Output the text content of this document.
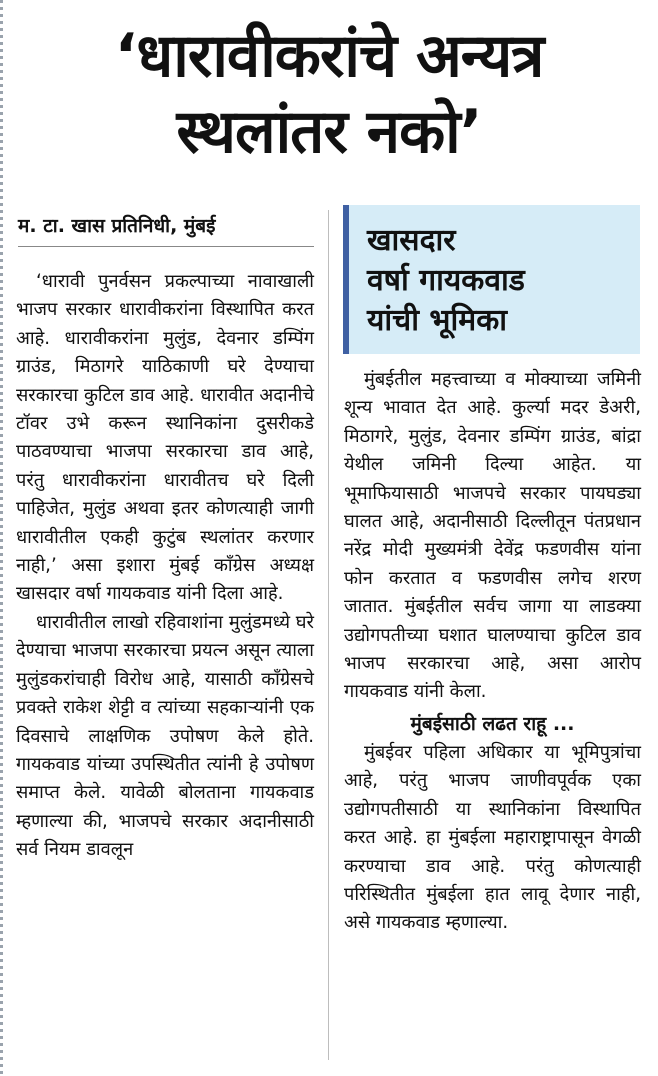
‘धारावीकरांचे अन्यत्र
स्थलांतर नको’
म. टा. खास प्रतिनिधी, मुंबई	खासदार
वर्षा गायकवाड
यांची भूमिका

‘धारावी पुनर्वसन प्रकल्पाच्या नावाखाली भाजप सरकार धारावीकरांना विस्थापित करत आहे. धारावीकरांना मुलुंड, देवनार डम्पिंग ग्राउंड, मिठागरे याठिकाणी घरे देण्याचा सरकारचा कुटिल डाव आहे. धारावीत अदानीचे टॉवर उभे करून स्थानिकांना दुसरीकडे पाठवण्याचा भाजपा सरकारचा डाव आहे, परंतु धारावीकरांना धारावीतच घरे दिली पाहिजेत, मुलुंड अथवा इतर कोणत्याही जागी धारावीतील एकही कुटुंब स्थलांतर करणार नाही,’ असा इशारा मुंबई कॉंग्रेस अध्यक्ष खासदार वर्षा गायकवाड यांनी दिला आहे.

धारावीतील लाखो रहिवाशांना मुलुंडमध्ये घरे देण्याचा भाजपा सरकारचा प्रयत्न असून त्याला मुलुंडकरांचाही विरोध आहे, यासाठी कॉंग्रेसचे प्रवक्ते राकेश शेट्टी व त्यांच्या सहकाऱ्यांनी एक दिवसाचे लाक्षणिक उपोषण केले होते. गायकवाड यांच्या उपस्थितीत त्यांनी हे उपोषण समाप्त केले. यावेळी बोलताना गायकवाड म्हणाल्या की, भाजपचे सरकार अदानीसाठी सर्व नियम डावलून

मुंबईतील महत्त्वाच्या व मोक्याच्या जमिनी शून्य भावात देत आहे. कुर्ल्या मदर डेअरी, मिठागरे, मुलुंड, देवनार डम्पिंग ग्राउंड, बांद्रा येथील जमिनी दिल्या आहेत. या भूमाफियासाठी भाजपचे सरकार पायघड्या घालत आहे, अदानीसाठी दिल्लीतून पंतप्रधान नरेंद्र मोदी मुख्यमंत्री देवेंद्र फडणवीस यांना फोन करतात व फडणवीस लगेच शरण जातात. मुंबईतील सर्वच जागा या लाडक्या उद्योगपतीच्या घशात घालण्याचा कुटिल डाव भाजप सरकारचा आहे, असा आरोप गायकवाड यांनी केला.

मुंबईसाठी लढत राहू ...

मुंबईवर पहिला अधिकार या भूमिपुत्रांचा आहे, परंतु भाजप जाणीवपूर्वक एका उद्योगपतीसाठी या स्थानिकांना विस्थापित करत आहे. हा मुंबईला महाराष्ट्रापासून वेगळी करण्याचा डाव आहे. परंतु कोणत्याही परिस्थितीत मुंबईला हात लावू देणार नाही, असे गायकवाड म्हणाल्या.
